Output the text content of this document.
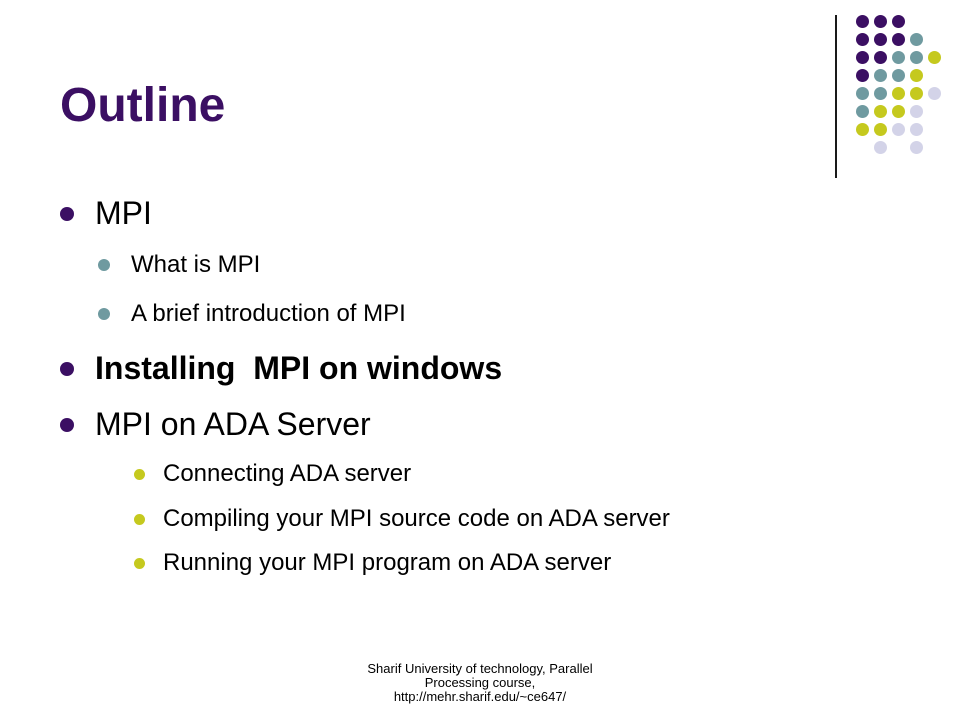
Outline
MPI
What is MPI
A brief introduction of MPI
Installing  MPI on windows
MPI on ADA Server
Connecting ADA server
Compiling your MPI source code on ADA server
Running your MPI program on ADA server
Sharif University of technology, Parallel
Processing course,
http://mehr.sharif.edu/~ce647/
